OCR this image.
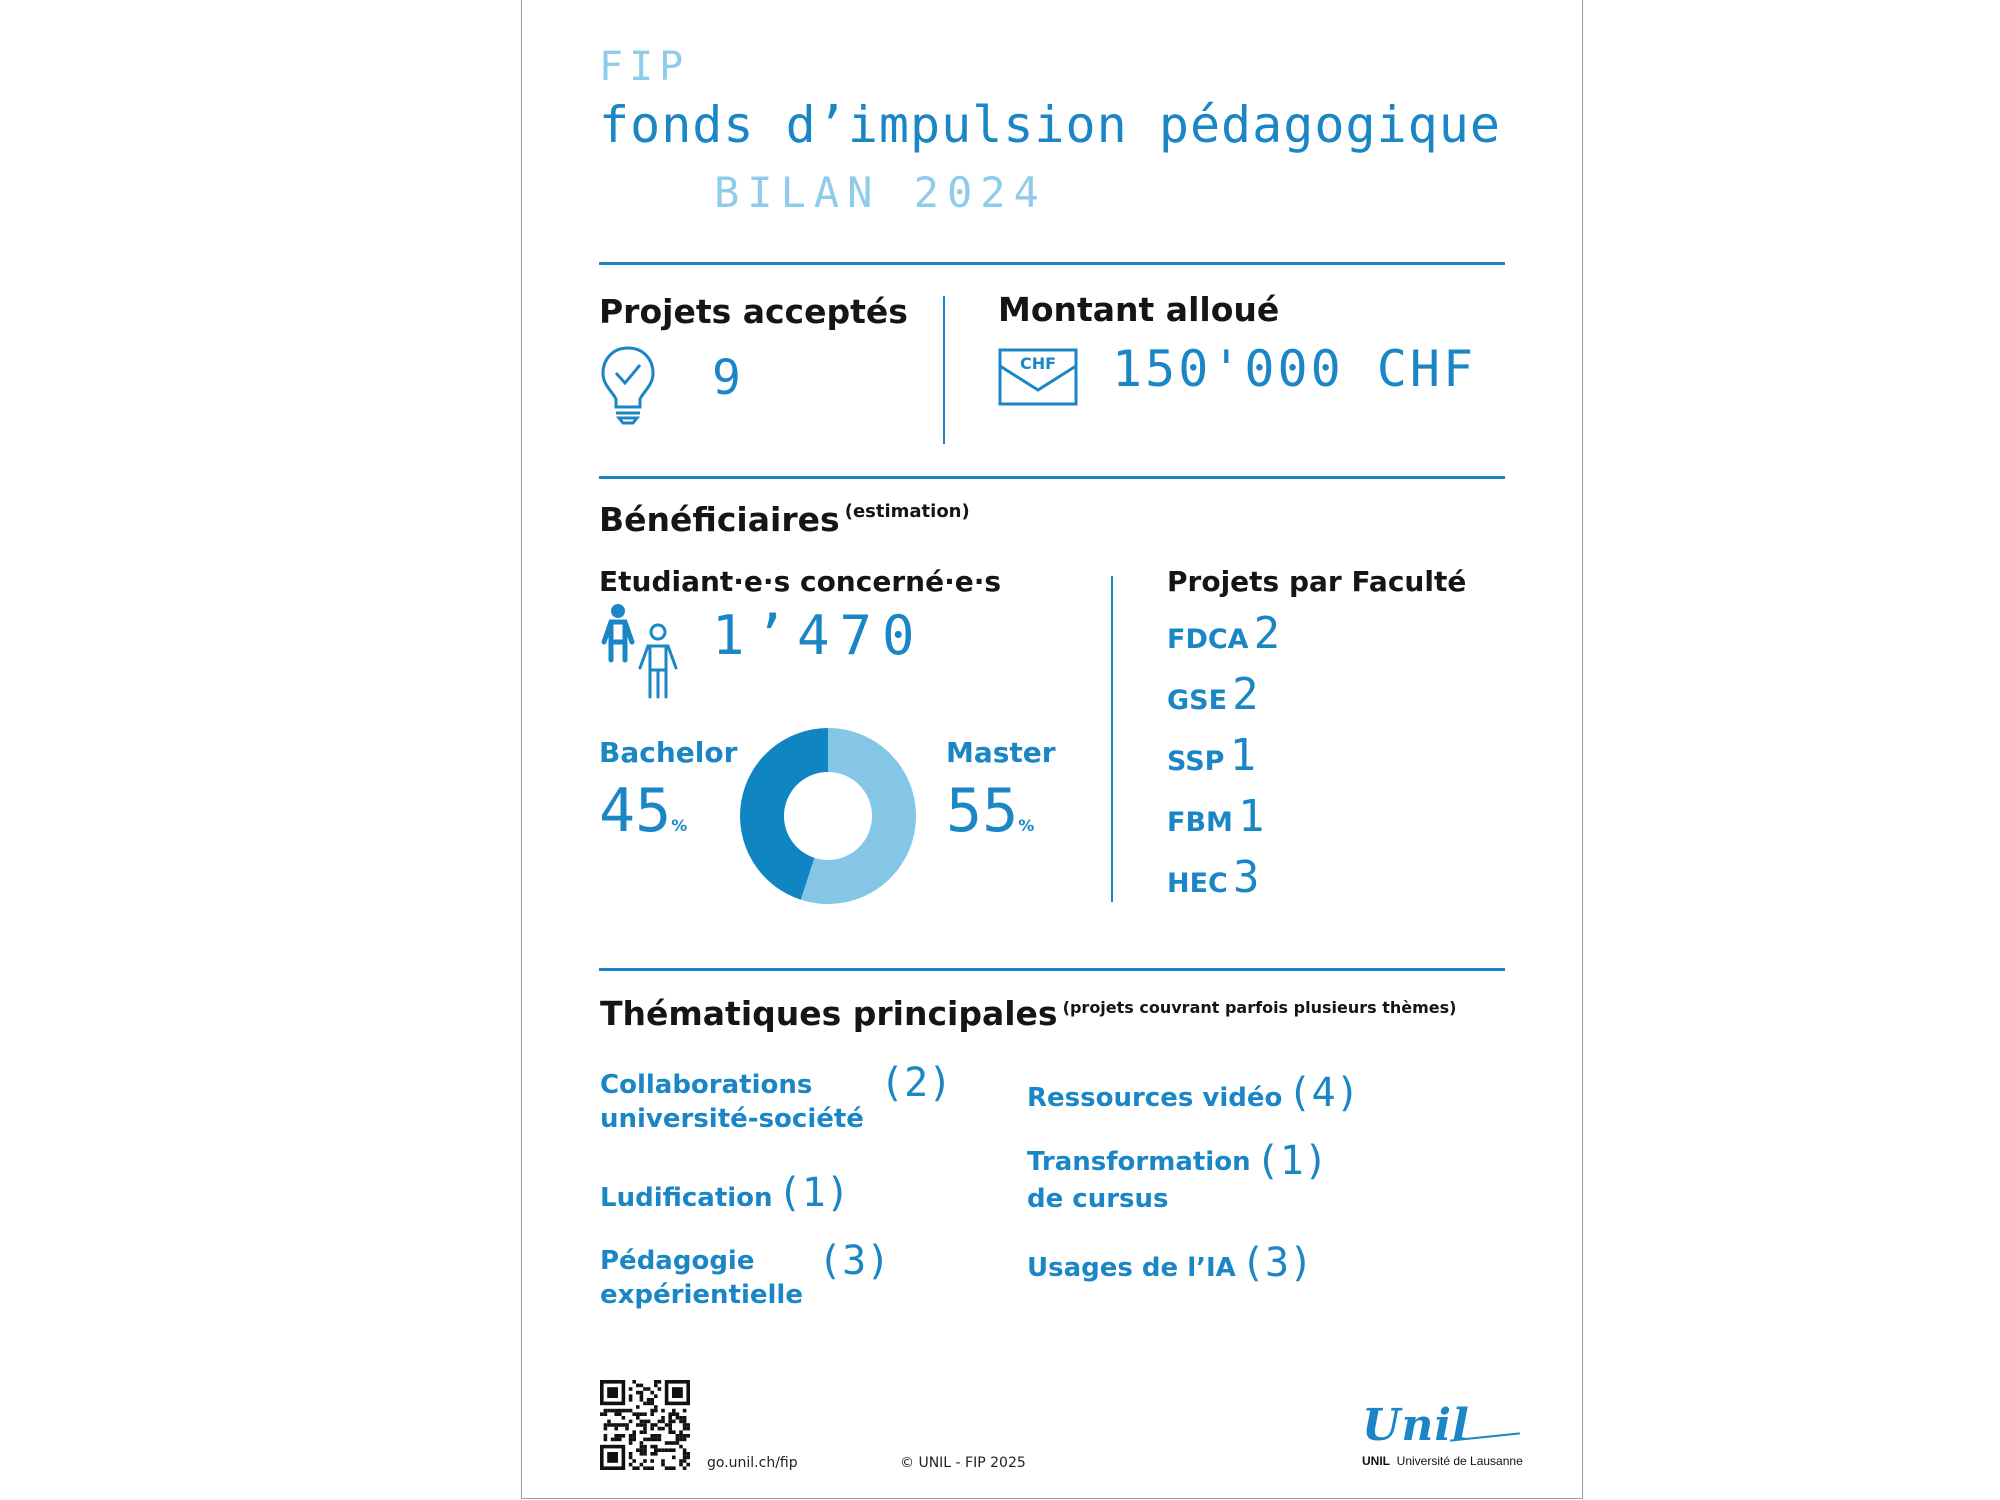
FIP
fonds d’impulsion pédagogique
BILAN 2024
Projets acceptés
9
Montant alloué
CHF 150'000 CHF
Bénéficiaires (estimation)
Etudiant·e·s concerné·e·s
1’470
Bachelor
45%
Master
55%
Projets par Faculté
FDCA 2
GSE 2
SSP 1
FBM 1
HEC 3
Thématiques principales (projets couvrant parfois plusieurs thèmes)
Collaborations
université-société
(2)
Ludification (1)
Pédagogie
expérientielle
(3)
Ressources vidéo (4)
Transformation (1)
de cursus
Usages de l’IA (3)
go.unil.ch/fip	© UNIL - FIP 2025
Unil
UNIL Université de Lausanne
